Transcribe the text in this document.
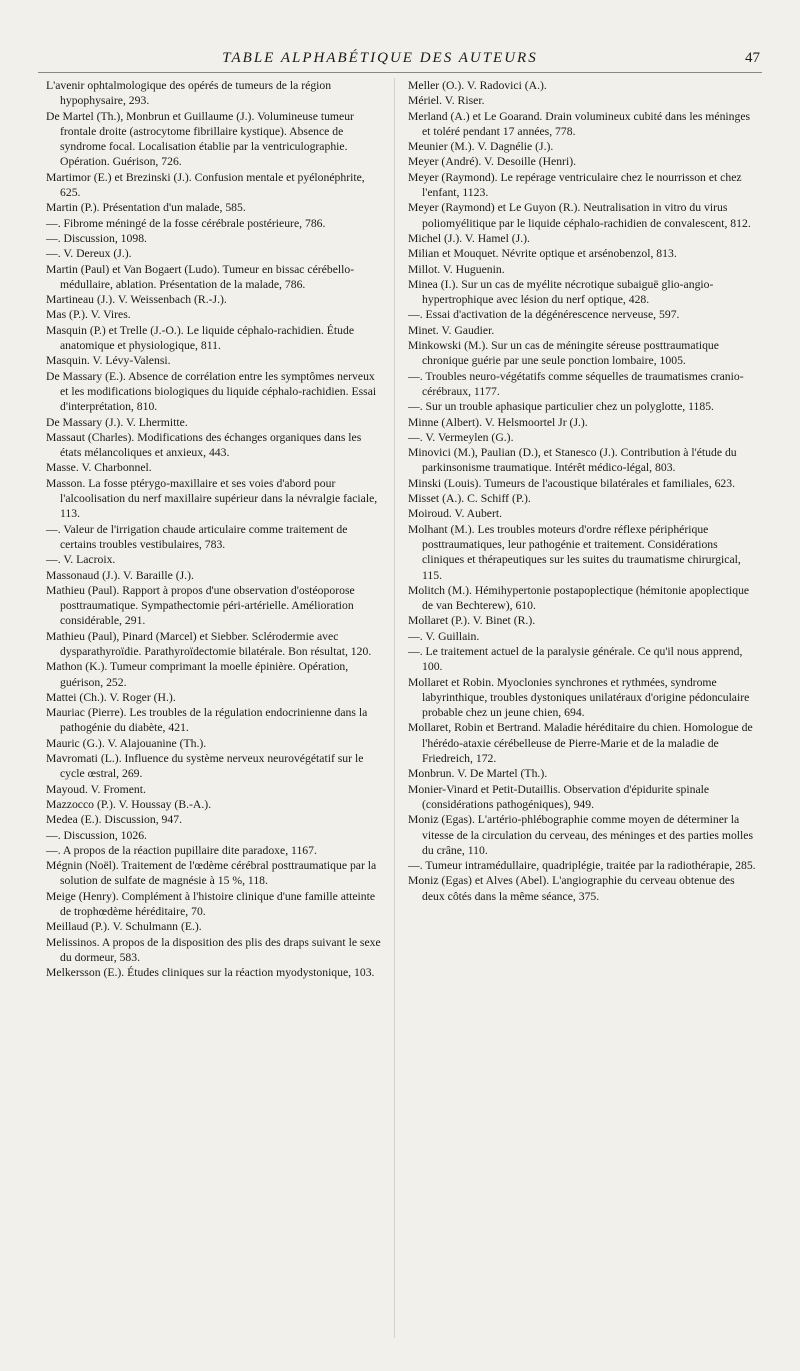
TABLE ALPHABÉTIQUE DES AUTEURS	47

L'avenir ophtalmologique des opérés de tumeurs de la région hypophysaire, 293.

De Martel (Th.), Monbrun et Guillaume (J.). Volumineuse tumeur frontale droite (astrocytome fibrillaire kystique). Absence de syndrome focal. Localisation établie par la ventriculographie. Opération. Guérison, 726.

Martimor (E.) et Brezinski (J.). Confusion mentale et pyélonéphrite, 625.

Martin (P.). Présentation d'un malade, 585.

—. Fibrome méningé de la fosse cérébrale postérieure, 786.

—. Discussion, 1098.

—. V. Dereux (J.).

Martin (Paul) et Van Bogaert (Ludo). Tumeur en bissac cérébello-médullaire, ablation. Présentation de la malade, 786.

Martineau (J.). V. Weissenbach (R.-J.).

Mas (P.). V. Vires.

Masquin (P.) et Trelle (J.-O.). Le liquide céphalo-rachidien. Étude anatomique et physiologique, 811.

Masquin. V. Lévy-Valensi.

De Massary (E.). Absence de corrélation entre les symptômes nerveux et les modifications biologiques du liquide céphalo-rachidien. Essai d'interprétation, 810.

De Massary (J.). V. Lhermitte.

Massaut (Charles). Modifications des échanges organiques dans les états mélancoliques et anxieux, 443.

Masse. V. Charbonnel.

Masson. La fosse ptérygo-maxillaire et ses voies d'abord pour l'alcoolisation du nerf maxillaire supérieur dans la névralgie faciale, 113.

—. Valeur de l'irrigation chaude articulaire comme traitement de certains troubles vestibulaires, 783.

—. V. Lacroix.

Massonaud (J.). V. Baraille (J.).

Mathieu (Paul). Rapport à propos d'une observation d'ostéoporose posttraumatique. Sympathectomie péri-artérielle. Amélioration considérable, 291.

Mathieu (Paul), Pinard (Marcel) et Siebber. Sclérodermie avec dysparathyroïdie. Parathyroïdectomie bilatérale. Bon résultat, 120.

Mathon (K.). Tumeur comprimant la moelle épinière. Opération, guérison, 252.

Mattei (Ch.). V. Roger (H.).

Mauriac (Pierre). Les troubles de la régulation endocrinienne dans la pathogénie du diabète, 421.

Mauric (G.). V. Alajouanine (Th.).

Mavromati (L.). Influence du système nerveux neurovégétatif sur le cycle œstral, 269.

Mayoud. V. Froment.

Mazzocco (P.). V. Houssay (B.-A.).

Medea (E.). Discussion, 947.

—. Discussion, 1026.

—. A propos de la réaction pupillaire dite paradoxe, 1167.

Mégnin (Noël). Traitement de l'œdème cérébral posttraumatique par la solution de sulfate de magnésie à 15 %, 118.

Meige (Henry). Complément à l'histoire clinique d'une famille atteinte de trophœdème héréditaire, 70.

Meillaud (P.). V. Schulmann (E.).

Melissinos. A propos de la disposition des plis des draps suivant le sexe du dormeur, 583.

Melkersson (E.). Études cliniques sur la réaction myodystonique, 103.

Meller (O.). V. Radovici (A.).

Mériel. V. Riser.

Merland (A.) et Le Goarand. Drain volumineux cubité dans les méninges et toléré pendant 17 années, 778.

Meunier (M.). V. Dagnélie (J.).

Meyer (André). V. Desoille (Henri).

Meyer (Raymond). Le repérage ventriculaire chez le nourrisson et chez l'enfant, 1123.

Meyer (Raymond) et Le Guyon (R.). Neutralisation in vitro du virus poliomyélitique par le liquide céphalo-rachidien de convalescent, 812.

Michel (J.). V. Hamel (J.).

Milian et Mouquet. Névrite optique et arsénobenzol, 813.

Millot. V. Huguenin.

Minea (I.). Sur un cas de myélite nécrotique subaiguë glio-angio-hypertrophique avec lésion du nerf optique, 428.

—. Essai d'activation de la dégénérescence nerveuse, 597.

Minet. V. Gaudier.

Minkowski (M.). Sur un cas de méningite séreuse posttraumatique chronique guérie par une seule ponction lombaire, 1005.

—. Troubles neuro-végétatifs comme séquelles de traumatismes cranio-cérébraux, 1177.

—. Sur un trouble aphasique particulier chez un polyglotte, 1185.

Minne (Albert). V. Helsmoortel Jr (J.).

—. V. Vermeylen (G.).

Minovici (M.), Paulian (D.), et Stanesco (J.). Contribution à l'étude du parkinsonisme traumatique. Intérêt médico-légal, 803.

Minski (Louis). Tumeurs de l'acoustique bilatérales et familiales, 623.

Misset (A.). C. Schiff (P.).

Moiroud. V. Aubert.

Molhant (M.). Les troubles moteurs d'ordre réflexe périphérique posttraumatiques, leur pathogénie et traitement. Considérations cliniques et thérapeutiques sur les suites du traumatisme chirurgical, 115.

Molitch (M.). Hémihypertonie postapoplectique (hémitonie apoplectique de van Bechterew), 610.

Mollaret (P.). V. Binet (R.).

—. V. Guillain.

—. Le traitement actuel de la paralysie générale. Ce qu'il nous apprend, 100.

Mollaret et Robin. Myoclonies synchrones et rythmées, syndrome labyrinthique, troubles dystoniques unilatéraux d'origine pédonculaire probable chez un jeune chien, 694.

Mollaret, Robin et Bertrand. Maladie héréditaire du chien. Homologue de l'hérédo-ataxie cérébelleuse de Pierre-Marie et de la maladie de Friedreich, 172.

Monbrun. V. De Martel (Th.).

Monier-Vinard et Petit-Dutaillis. Observation d'épidurite spinale (considérations pathogéniques), 949.

Moniz (Egas). L'artério-phlébographie comme moyen de déterminer la vitesse de la circulation du cerveau, des méninges et des parties molles du crâne, 110.

—. Tumeur intramédullaire, quadriplégie, traitée par la radiothérapie, 285.

Moniz (Egas) et Alves (Abel). L'angiographie du cerveau obtenue des deux côtés dans la même séance, 375.
